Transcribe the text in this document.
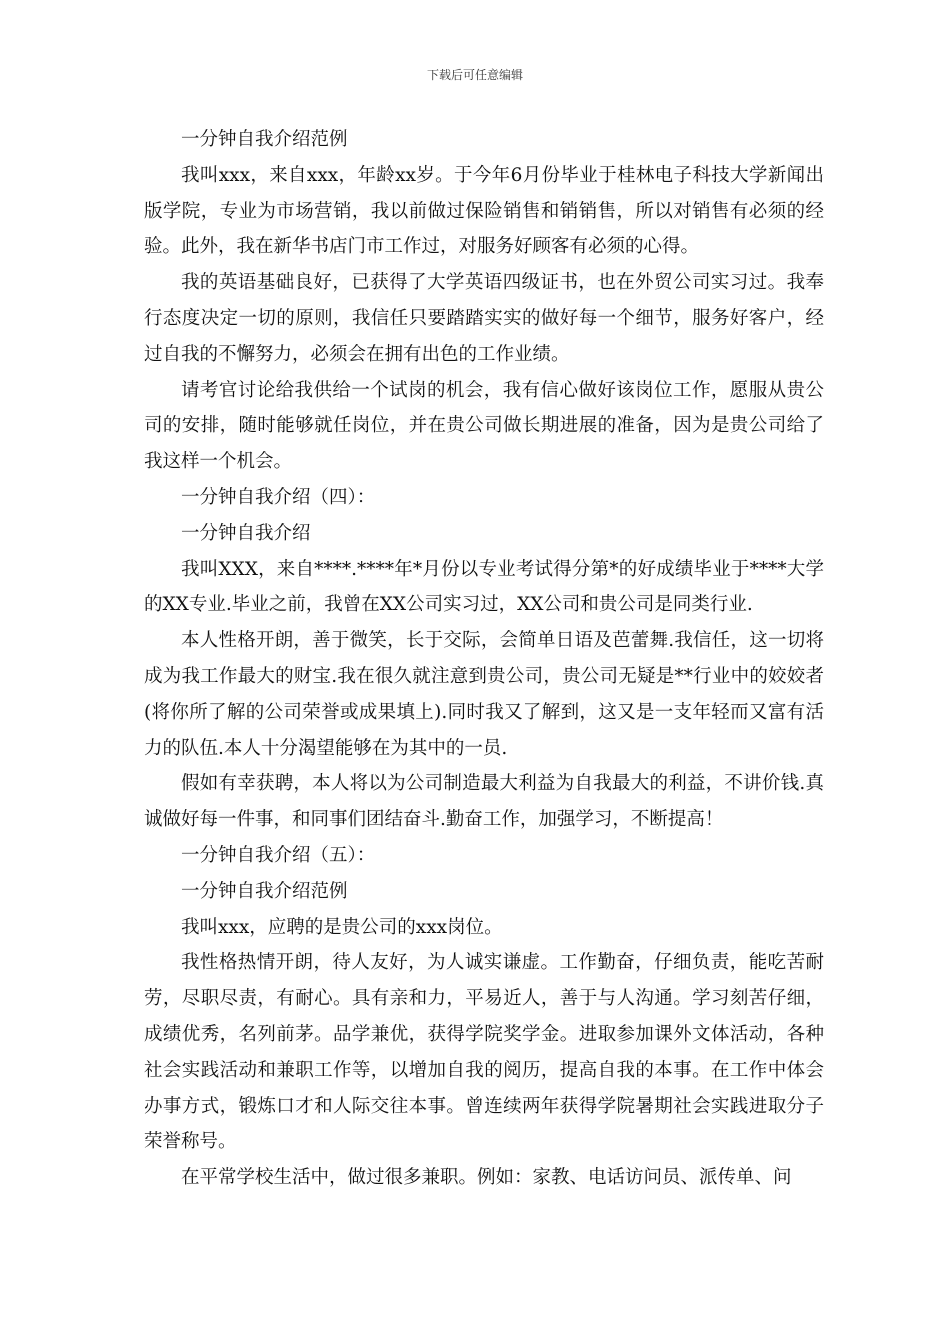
下载后可任意编辑

一分钟自我介绍范例

我叫xxx，来自xxx，年龄xx岁。于今年6月份毕业于桂林电子科技大学新闻出版学院，专业为市场营销，我以前做过保险销售和销销售，所以对销售有必须的经验。此外，我在新华书店门市工作过，对服务好顾客有必须的心得。

我的英语基础良好，已获得了大学英语四级证书，也在外贸公司实习过。我奉行态度决定一切的原则，我信任只要踏踏实实的做好每一个细节，服务好客户，经过自我的不懈努力，必须会在拥有出色的工作业绩。

请考官讨论给我供给一个试岗的机会，我有信心做好该岗位工作，愿服从贵公司的安排，随时能够就任岗位，并在贵公司做长期进展的准备，因为是贵公司给了我这样一个机会。

一分钟自我介绍（四）：

一分钟自我介绍

我叫XXX，来自****.****年*月份以专业考试得分第*的好成绩毕业于****大学的XX专业.毕业之前，我曾在XX公司实习过，XX公司和贵公司是同类行业.

本人性格开朗，善于微笑，长于交际，会简单日语及芭蕾舞.我信任，这一切将成为我工作最大的财宝.我在很久就注意到贵公司，贵公司无疑是**行业中的姣姣者(将你所了解的公司荣誉或成果填上).同时我又了解到，这又是一支年轻而又富有活力的队伍.本人十分渴望能够在为其中的一员.

假如有幸获聘，本人将以为公司制造最大利益为自我最大的利益，不讲价钱.真诚做好每一件事，和同事们团结奋斗.勤奋工作，加强学习，不断提高！

一分钟自我介绍（五）：

一分钟自我介绍范例

我叫xxx，应聘的是贵公司的xxx岗位。

我性格热情开朗，待人友好，为人诚实谦虚。工作勤奋，仔细负责，能吃苦耐劳，尽职尽责，有耐心。具有亲和力，平易近人，善于与人沟通。学习刻苦仔细，成绩优秀，名列前茅。品学兼优，获得学院奖学金。进取参加课外文体活动，各种社会实践活动和兼职工作等，以增加自我的阅历，提高自我的本事。在工作中体会办事方式，锻炼口才和人际交往本事。曾连续两年获得学院暑期社会实践进取分子荣誉称号。

在平常学校生活中，做过很多兼职。例如：家教、电话访问员、派传单、问
